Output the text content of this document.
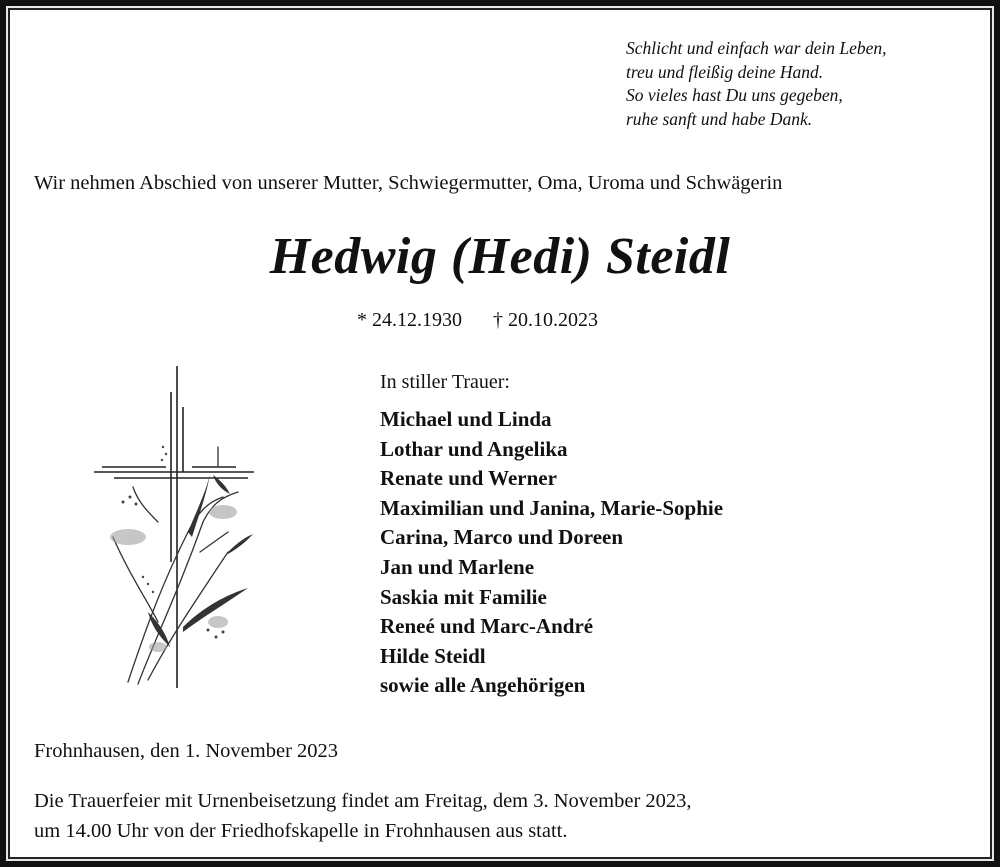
Schlicht und einfach war dein Leben,
treu und fleißig deine Hand.
So vieles hast Du uns gegeben,
ruhe sanft und habe Dank.
Wir nehmen Abschied von unserer Mutter, Schwiegermutter, Oma, Uroma und Schwägerin
Hedwig (Hedi) Steidl
* 24.12.1930 † 20.10.2023
In stiller Trauer:
Michael und Linda
Lothar und Angelika
Renate und Werner
Maximilian und Janina, Marie-Sophie
Carina, Marco und Doreen
Jan und Marlene
Saskia mit Familie
Reneé und Marc-André
Hilde Steidl
sowie alle Angehörigen
Frohnhausen, den 1. November 2023
Die Trauerfeier mit Urnenbeisetzung findet am Freitag, dem 3. November 2023,
um 14.00 Uhr von der Friedhofskapelle in Frohnhausen aus statt.
